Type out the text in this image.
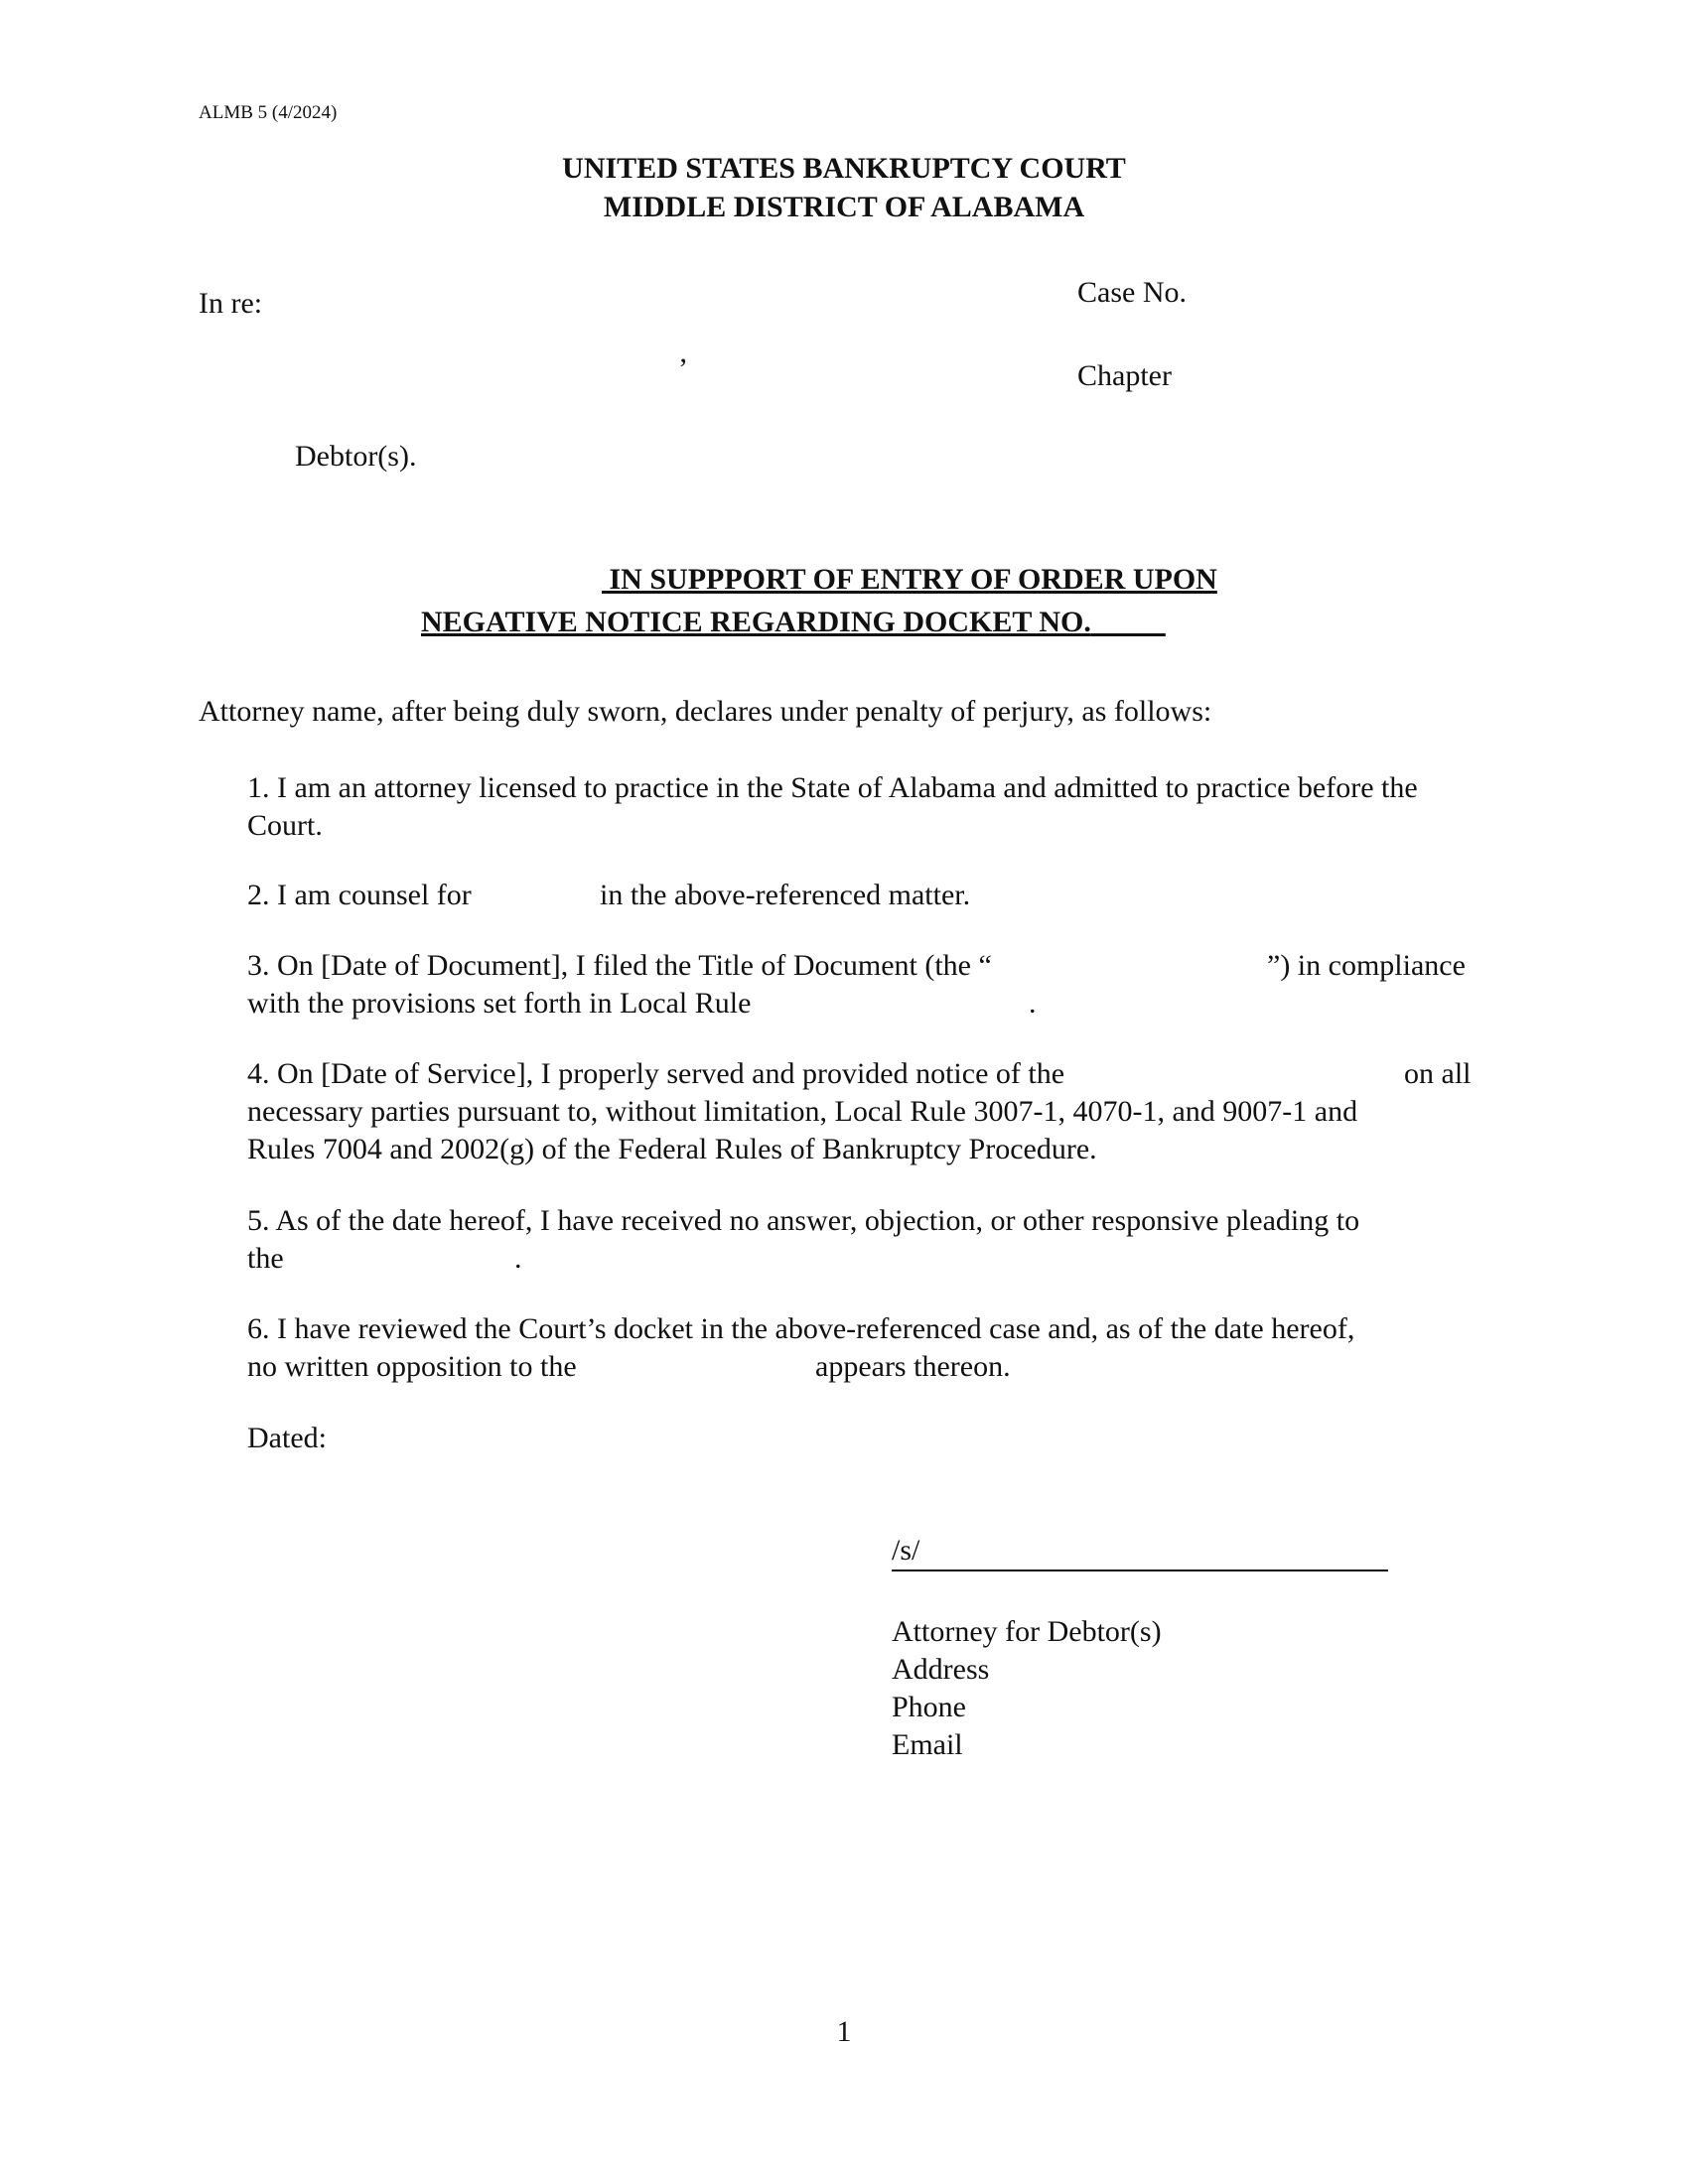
ALMB 5 (4/2024)
UNITED STATES BANKRUPTCY COURT
MIDDLE DISTRICT OF ALABAMA
In re:	Case No.
’	Chapter
Debtor(s).
IN SUPPPORT OF ENTRY OF ORDER UPON
NEGATIVE NOTICE REGARDING DOCKET NO.
Attorney name, after being duly sworn, declares under penalty of perjury, as follows:
1. I am an attorney licensed to practice in the State of Alabama and admitted to practice before the Court.
2. I am counsel for	in the above-referenced matter.
3. On [Date of Document], I filed the Title of Document (the “	”) in compliance
with the provisions set forth in Local Rule	.
4. On [Date of Service], I properly served and provided notice of the	on all
necessary parties pursuant to, without limitation, Local Rule 3007-1, 4070-1, and 9007-1 and
Rules 7004 and 2002(g) of the Federal Rules of Bankruptcy Procedure.
5. As of the date hereof, I have received no answer, objection, or other responsive pleading to
the	.
6. I have reviewed the Court’s docket in the above-referenced case and, as of the date hereof,
no written opposition to the	appears thereon.
Dated:
/s/
Attorney for Debtor(s)
Address
Phone
Email
1
